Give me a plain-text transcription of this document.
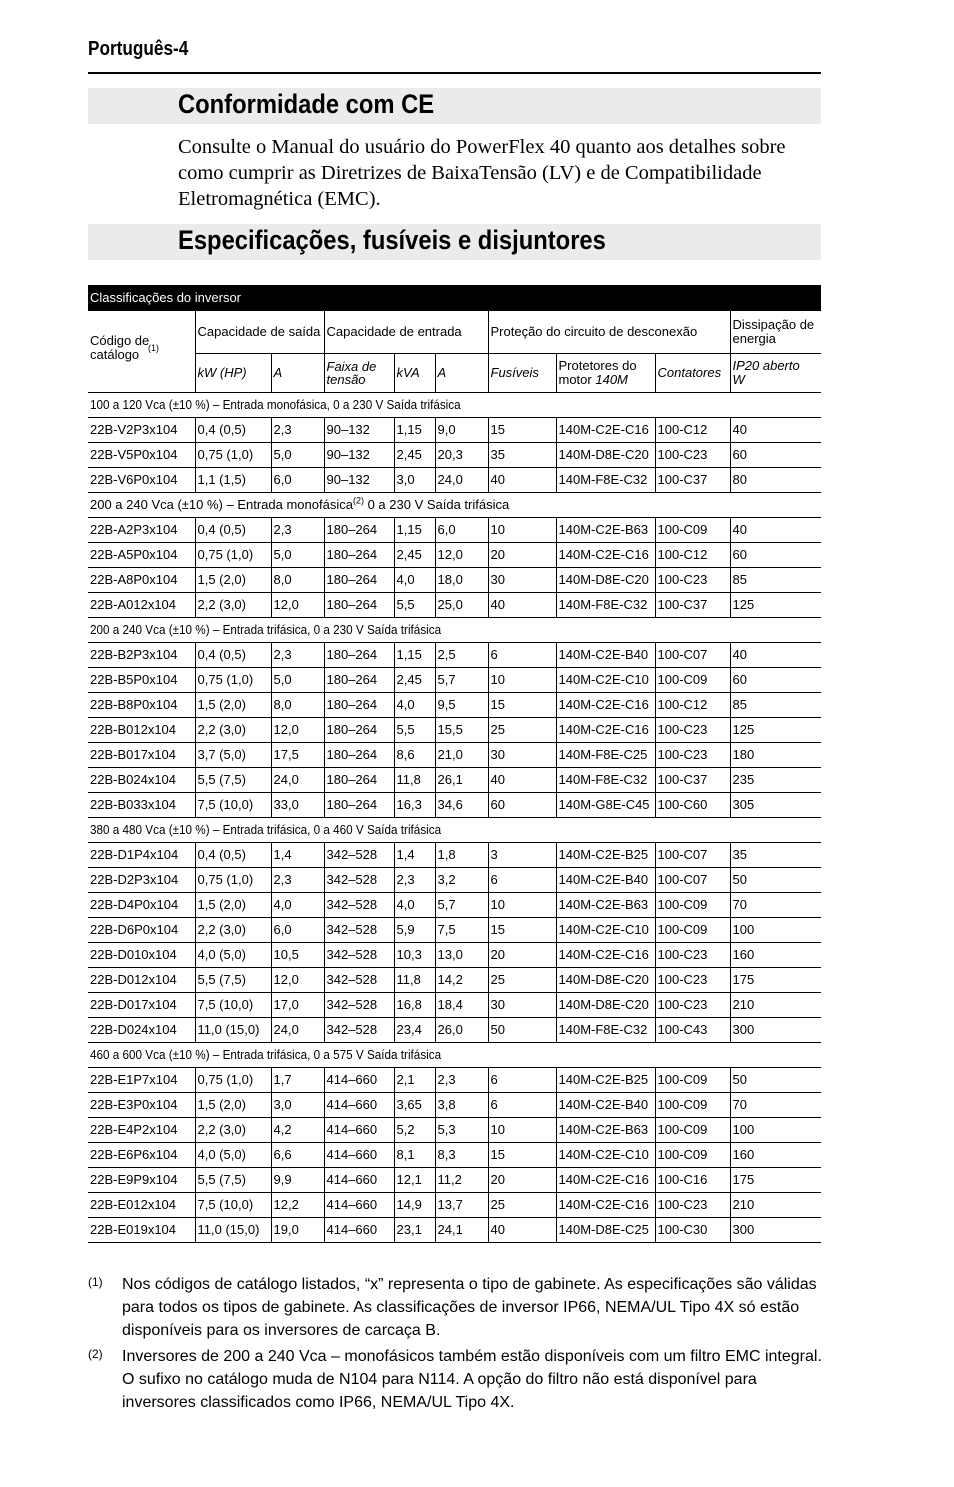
Português-4
Conformidade com CE
Consulte o Manual do usuário do PowerFlex 40 quanto aos detalhes sobre como cumprir as Diretrizes de BaixaTensão (LV) e de Compatibilidade Eletromagnética (EMC).
Especificações, fusíveis e disjuntores
Classificações do inversor									

Código de catálogo $^{(1)}$	Capacidade de saída		Capacidade de entrada			Proteção do circuito de desconexão			Dissipação de energia
	kW (HP)	A	Faixa de tensão	kVA	A	Fusíveis	Protetores do motor 140M	Contatores	IP20 aberto
W
100 a 120 Vca (±10 %) – Entrada monofásica, 0 a 230 V Saída trifásica									
22B-V2P3x104	0,4 (0,5)	2,3	90–132	1,15	9,0	15	140M-C2E-C16	100-C12	40
22B-V5P0x104	0,75 (1,0)	5,0	90–132	2,45	20,3	35	140M-D8E-C20	100-C23	60
22B-V6P0x104	1,1 (1,5)	6,0	90–132	3,0	24,0	40	140M-F8E-C32	100-C37	80
200 a 240 Vca (±10 %) – Entrada monofásica$^{(2)}$ 0 a 230 V Saída trifásica									
22B-A2P3x104	0,4 (0,5)	2,3	180–264	1,15	6,0	10	140M-C2E-B63	100-C09	40
22B-A5P0x104	0,75 (1,0)	5,0	180–264	2,45	12,0	20	140M-C2E-C16	100-C12	60
22B-A8P0x104	1,5 (2,0)	8,0	180–264	4,0	18,0	30	140M-D8E-C20	100-C23	85
22B-A012x104	2,2 (3,0)	12,0	180–264	5,5	25,0	40	140M-F8E-C32	100-C37	125
200 a 240 Vca (±10 %) – Entrada trifásica, 0 a 230 V Saída trifásica									
22B-B2P3x104	0,4 (0,5)	2,3	180–264	1,15	2,5	6	140M-C2E-B40	100-C07	40
22B-B5P0x104	0,75 (1,0)	5,0	180–264	2,45	5,7	10	140M-C2E-C10	100-C09	60
22B-B8P0x104	1,5 (2,0)	8,0	180–264	4,0	9,5	15	140M-C2E-C16	100-C12	85
22B-B012x104	2,2 (3,0)	12,0	180–264	5,5	15,5	25	140M-C2E-C16	100-C23	125
22B-B017x104	3,7 (5,0)	17,5	180–264	8,6	21,0	30	140M-F8E-C25	100-C23	180
22B-B024x104	5,5 (7,5)	24,0	180–264	11,8	26,1	40	140M-F8E-C32	100-C37	235
22B-B033x104	7,5 (10,0)	33,0	180–264	16,3	34,6	60	140M-G8E-C45	100-C60	305
380 a 480 Vca (±10 %) – Entrada trifásica, 0 a 460 V Saída trifásica									
22B-D1P4x104	0,4 (0,5)	1,4	342–528	1,4	1,8	3	140M-C2E-B25	100-C07	35
22B-D2P3x104	0,75 (1,0)	2,3	342–528	2,3	3,2	6	140M-C2E-B40	100-C07	50
22B-D4P0x104	1,5 (2,0)	4,0	342–528	4,0	5,7	10	140M-C2E-B63	100-C09	70
22B-D6P0x104	2,2 (3,0)	6,0	342–528	5,9	7,5	15	140M-C2E-C10	100-C09	100
22B-D010x104	4,0 (5,0)	10,5	342–528	10,3	13,0	20	140M-C2E-C16	100-C23	160
22B-D012x104	5,5 (7,5)	12,0	342–528	11,8	14,2	25	140M-D8E-C20	100-C23	175
22B-D017x104	7,5 (10,0)	17,0	342–528	16,8	18,4	30	140M-D8E-C20	100-C23	210
22B-D024x104	11,0 (15,0)	24,0	342–528	23,4	26,0	50	140M-F8E-C32	100-C43	300
460 a 600 Vca (±10 %) – Entrada trifásica, 0 a 575 V Saída trifásica									
22B-E1P7x104	0,75 (1,0)	1,7	414–660	2,1	2,3	6	140M-C2E-B25	100-C09	50
22B-E3P0x104	1,5 (2,0)	3,0	414–660	3,65	3,8	6	140M-C2E-B40	100-C09	70
22B-E4P2x104	2,2 (3,0)	4,2	414–660	5,2	5,3	10	140M-C2E-B63	100-C09	100
22B-E6P6x104	4,0 (5,0)	6,6	414–660	8,1	8,3	15	140M-C2E-C10	100-C09	160
22B-E9P9x104	5,5 (7,5)	9,9	414–660	12,1	11,2	20	140M-C2E-C16	100-C16	175
22B-E012x104	7,5 (10,0)	12,2	414–660	14,9	13,7	25	140M-C2E-C16	100-C23	210
22B-E019x104	11,0 (15,0)	19,0	414–660	23,1	24,1	40	140M-D8E-C25	100-C30	300
(1) Nos códigos de catálogo listados, “x” representa o tipo de gabinete. As especificações são válidas para todos os tipos de gabinete. As classificações de inversor IP66, NEMA/UL Tipo 4X só estão disponíveis para os inversores de carcaça B.
(2) Inversores de 200 a 240 Vca – monofásicos também estão disponíveis com um filtro EMC integral. O sufixo no catálogo muda de N104 para N114. A opção do filtro não está disponível para inversores classificados como IP66, NEMA/UL Tipo 4X.
